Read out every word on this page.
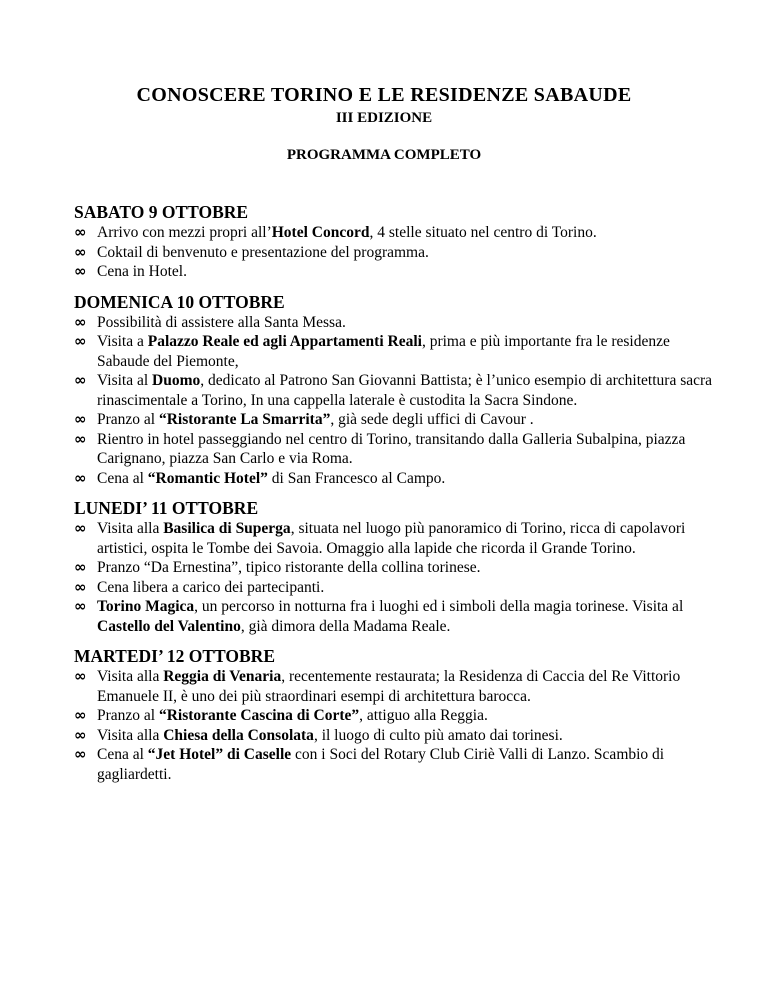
CONOSCERE TORINO E LE RESIDENZE SABAUDE
III EDIZIONE
PROGRAMMA COMPLETO
SABATO 9 OTTOBRE
∞ Arrivo con mezzi propri all’Hotel Concord, 4 stelle situato nel centro di Torino.
∞ Coktail di benvenuto e presentazione del programma.
∞ Cena in Hotel.
DOMENICA 10 OTTOBRE
∞ Possibilità di assistere alla Santa Messa.
∞ Visita a Palazzo Reale ed agli Appartamenti Reali, prima e più importante fra le residenze Sabaude del Piemonte,
∞ Visita al Duomo, dedicato al Patrono San Giovanni Battista; è l’unico esempio di architettura sacra rinascimentale a Torino, In una cappella laterale è custodita la Sacra Sindone.
∞ Pranzo al “Ristorante La Smarrita”, già sede degli uffici di Cavour .
∞ Rientro in hotel passeggiando nel centro di Torino, transitando dalla Galleria Subalpina, piazza Carignano, piazza San Carlo e via Roma.
∞ Cena al “Romantic Hotel” di San Francesco al Campo.
LUNEDI’ 11 OTTOBRE
∞ Visita alla Basilica di Superga, situata nel luogo più panoramico di Torino, ricca di capolavori artistici, ospita le Tombe dei Savoia. Omaggio alla lapide che ricorda il Grande Torino.
∞ Pranzo “Da Ernestina”, tipico ristorante della collina torinese.
∞ Cena libera a carico dei partecipanti.
∞ Torino Magica, un percorso in notturna fra i luoghi ed i simboli della magia torinese. Visita al Castello del Valentino, già dimora della Madama Reale.
MARTEDI’ 12 OTTOBRE
∞ Visita alla Reggia di Venaria, recentemente restaurata; la Residenza di Caccia del Re Vittorio Emanuele II, è uno dei più straordinari esempi di architettura barocca.
∞ Pranzo al “Ristorante Cascina di Corte”, attiguo alla Reggia.
∞ Visita alla Chiesa della Consolata, il luogo di culto più amato dai torinesi.
∞ Cena al “Jet Hotel” di Caselle con i Soci del Rotary Club Ciriè Valli di Lanzo. Scambio di gagliardetti.
